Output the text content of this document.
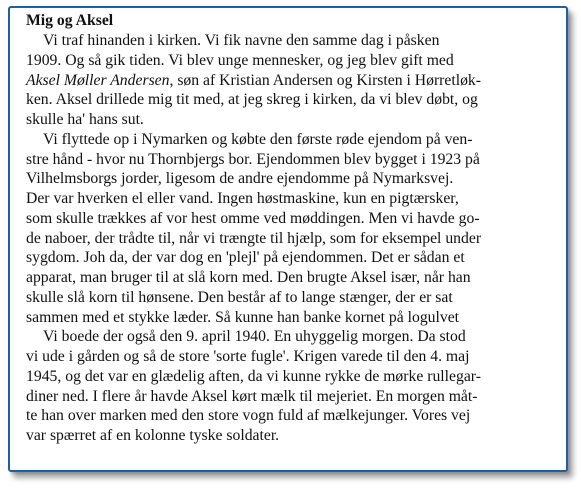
Mig og Aksel
Vi traf hinanden i kirken. Vi fik navne den samme dag i påsken
1909. Og så gik tiden. Vi blev unge mennesker, og jeg blev gift med
Aksel Møller Andersen, søn af Kristian Andersen og Kirsten i Hørretløk-
ken. Aksel drillede mig tit med, at jeg skreg i kirken, da vi blev døbt, og
skulle ha' hans sut.
Vi flyttede op i Nymarken og købte den første røde ejendom på ven-
stre hånd - hvor nu Thornbjergs bor. Ejendommen blev bygget i 1923 på
Vilhelmsborgs jorder, ligesom de andre ejendomme på Nymarksvej.
Der var hverken el eller vand. Ingen høstmaskine, kun en pigtærsker,
som skulle trækkes af vor hest omme ved møddingen. Men vi havde go-
de naboer, der trådte til, når vi trængte til hjælp, som for eksempel under
sygdom. Joh da, der var dog en 'plejl' på ejendommen. Det er sådan et
apparat, man bruger til at slå korn med. Den brugte Aksel især, når han
skulle slå korn til hønsene. Den består af to lange stænger, der er sat
sammen med et stykke læder. Så kunne han banke kornet på logulvet
Vi boede der også den 9. april 1940. En uhyggelig morgen. Da stod
vi ude i gården og så de store 'sorte fugle'. Krigen varede til den 4. maj
1945, og det var en glædelig aften, da vi kunne rykke de mørke rullegar-
diner ned. I flere år havde Aksel kørt mælk til mejeriet. En morgen måt-
te han over marken med den store vogn fuld af mælkejunger. Vores vej
var spærret af en kolonne tyske soldater.
